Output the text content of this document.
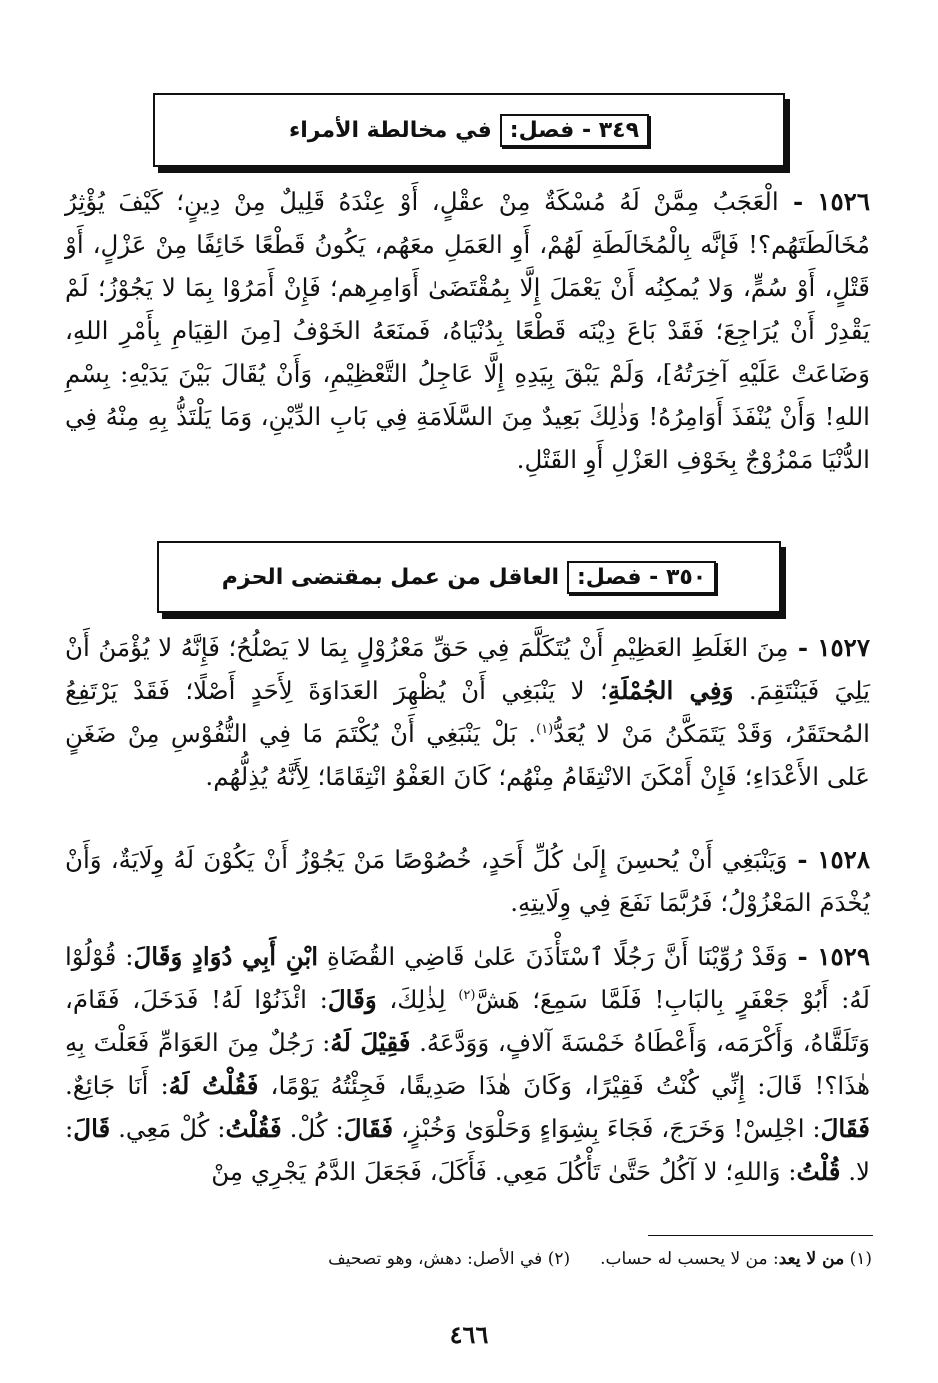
٣٤٩ - فصل:
في مخالطة الأمراء
١٥٢٦ - الْعَجَبُ مِمَّنْ لَهُ مُسْكَةٌ مِنْ عقْلٍ، أَوْ عِنْدَهُ قَلِيلٌ مِنْ دِينٍ؛ كَيْفَ يُؤْثِرُ مُخَالَطَتَهُم؟! فَإنَّه بِالْمُخَالَطَةِ لَهُمْ، أَوِ العَمَلِ معَهُم، يَكُونُ قَطْعًا خَائِفًا مِنْ عَزْلٍ، أَوْ قَتْلٍ، أَوْ سُمٍّ، وَلا يُمكِنُه أَنْ يَعْمَلَ إِلَّا بِمُقْتَضَىٰ أَوَامِرِهم؛ فَإِنْ أَمَرُوْا بِمَا لا يَجُوْزُ؛ لَمْ يَقْدِرْ أَنْ يُرَاجِعَ؛ فَقَدْ بَاعَ دِيْنَه قَطْعًا بِدُنْيَاهُ، فَمنَعَهُ الخَوْفُ [مِنَ القِيَامِ بِأَمْرِ اللهِ، وَضَاعَتْ عَلَيْهِ آخِرَتُهُ]، وَلَمْ يَبْقَ بِيَدِهِ إِلَّا عَاجِلُ التَّعْظِيْمِ، وَأَنْ يُقَالَ بَيْنَ يَدَيْهِ: بِسْمِ اللهِ! وَأَنْ يُنْفَذَ أَوَامِرُهُ! وَذٰلِكَ بَعِيدٌ مِنَ السَّلَامَةِ فِي بَابِ الدِّيْنِ، وَمَا يَلْتَذُّ بِهِ مِنْهُ فِي الدُّنْيَا مَمْزُوْجٌ بِخَوْفِ العَزْلِ أَوِ القَتْلِ.
٣٥٠ - فصل:
العاقل من عمل بمقتضى الحزم
١٥٢٧ - مِنَ الغَلَطِ العَظِيْمِ أَنْ يُتَكَلَّمَ فِي حَقِّ مَعْزُوْلٍ بِمَا لا يَصْلُحُ؛ فَإِنَّهُ لا يُؤْمَنُ أَنْ يَلِيَ فَيَنْتَقِمَ. وَفِي الجُمْلَةِ؛ لا يَنْبَغِي أَنْ يُظْهِرَ العَدَاوَةَ لِأَحَدٍ أَصْلًا؛ فَقَدْ يَرْتَفِعُ المُحتَقَرُ، وَقَدْ يَتَمَكَّنُ مَنْ لا يُعَدُّ$^{(١)}$. بَلْ يَنْبَغِي أَنْ يُكْتَمَ مَا فِي النُّفُوْسِ مِنْ ضَغَنٍ عَلى الأَعْدَاءِ؛ فَإِنْ أَمْكَنَ الانْتِقَامُ مِنْهُم؛ كَانَ العَفْوُ انْتِقَامًا؛ لِأَنَّهُ يُذِلُّهُم.
١٥٢٨ - وَيَنْبَغِي أَنْ يُحسِنَ إِلَىٰ كُلِّ أَحَدٍ، خُصُوْصًا مَنْ يَجُوْزُ أَنْ يَكُوْنَ لَهُ وِلَايَةٌ، وَأَنْ يُخْدَمَ المَعْزُوْلُ؛ فَرُبَّمَا نَفَعَ فِي وِلَايتِهِ.
١٥٢٩ - وَقَدْ رُوِّيْنَا أَنَّ رَجُلًا ٱسْتَأْذَنَ عَلىٰ قَاضِي القُضَاةِ ابْنِ أَبِي دُوَادٍ وَقَالَ: قُوْلُوْا لَهُ: أَبُوْ جَعْفَرٍ بِالبَابِ! فَلَمَّا سَمِعَ؛ هَشَّ$^{(٢)}$ لِذٰلِكَ، وَقَالَ: ائْذَنُوْا لَهُ! فَدَخَلَ، فَقَامَ، وَتَلَقَّاهُ، وَأَكْرَمَه، وَأَعْطَاهُ خَمْسَةَ آلافٍ، وَوَدَّعَهُ. فَقِيْلَ لَهُ: رَجُلٌ مِنَ العَوَامِّ فَعَلْتَ بِهِ هٰذَا؟! قَالَ: إِنِّي كُنْتُ فَقِيْرًا، وَكَانَ هٰذَا صَدِيقًا، فَجِئْتُهُ يَوْمًا، فَقُلْتُ لَهُ: أَنَا جَائِعٌ. فَقَالَ: اجْلِسْ! وَخَرَجَ، فَجَاءَ بِشِوَاءٍ وَحَلْوَىٰ وَخُبْزٍ، فَقَالَ: كُلْ. فَقُلْتُ: كُلْ مَعِي. قَالَ: لا. قُلْتُ: وَاللهِ؛ لا آكُلُ حَتَّىٰ تَأْكُلَ مَعِي. فَأَكَلَ، فَجَعَلَ الدَّمُ يَجْرِي مِنْ
(١) من لا يعد: من لا يحسب له حساب.
(٢) في الأصل: دهش، وهو تصحيف
٤٦٦
